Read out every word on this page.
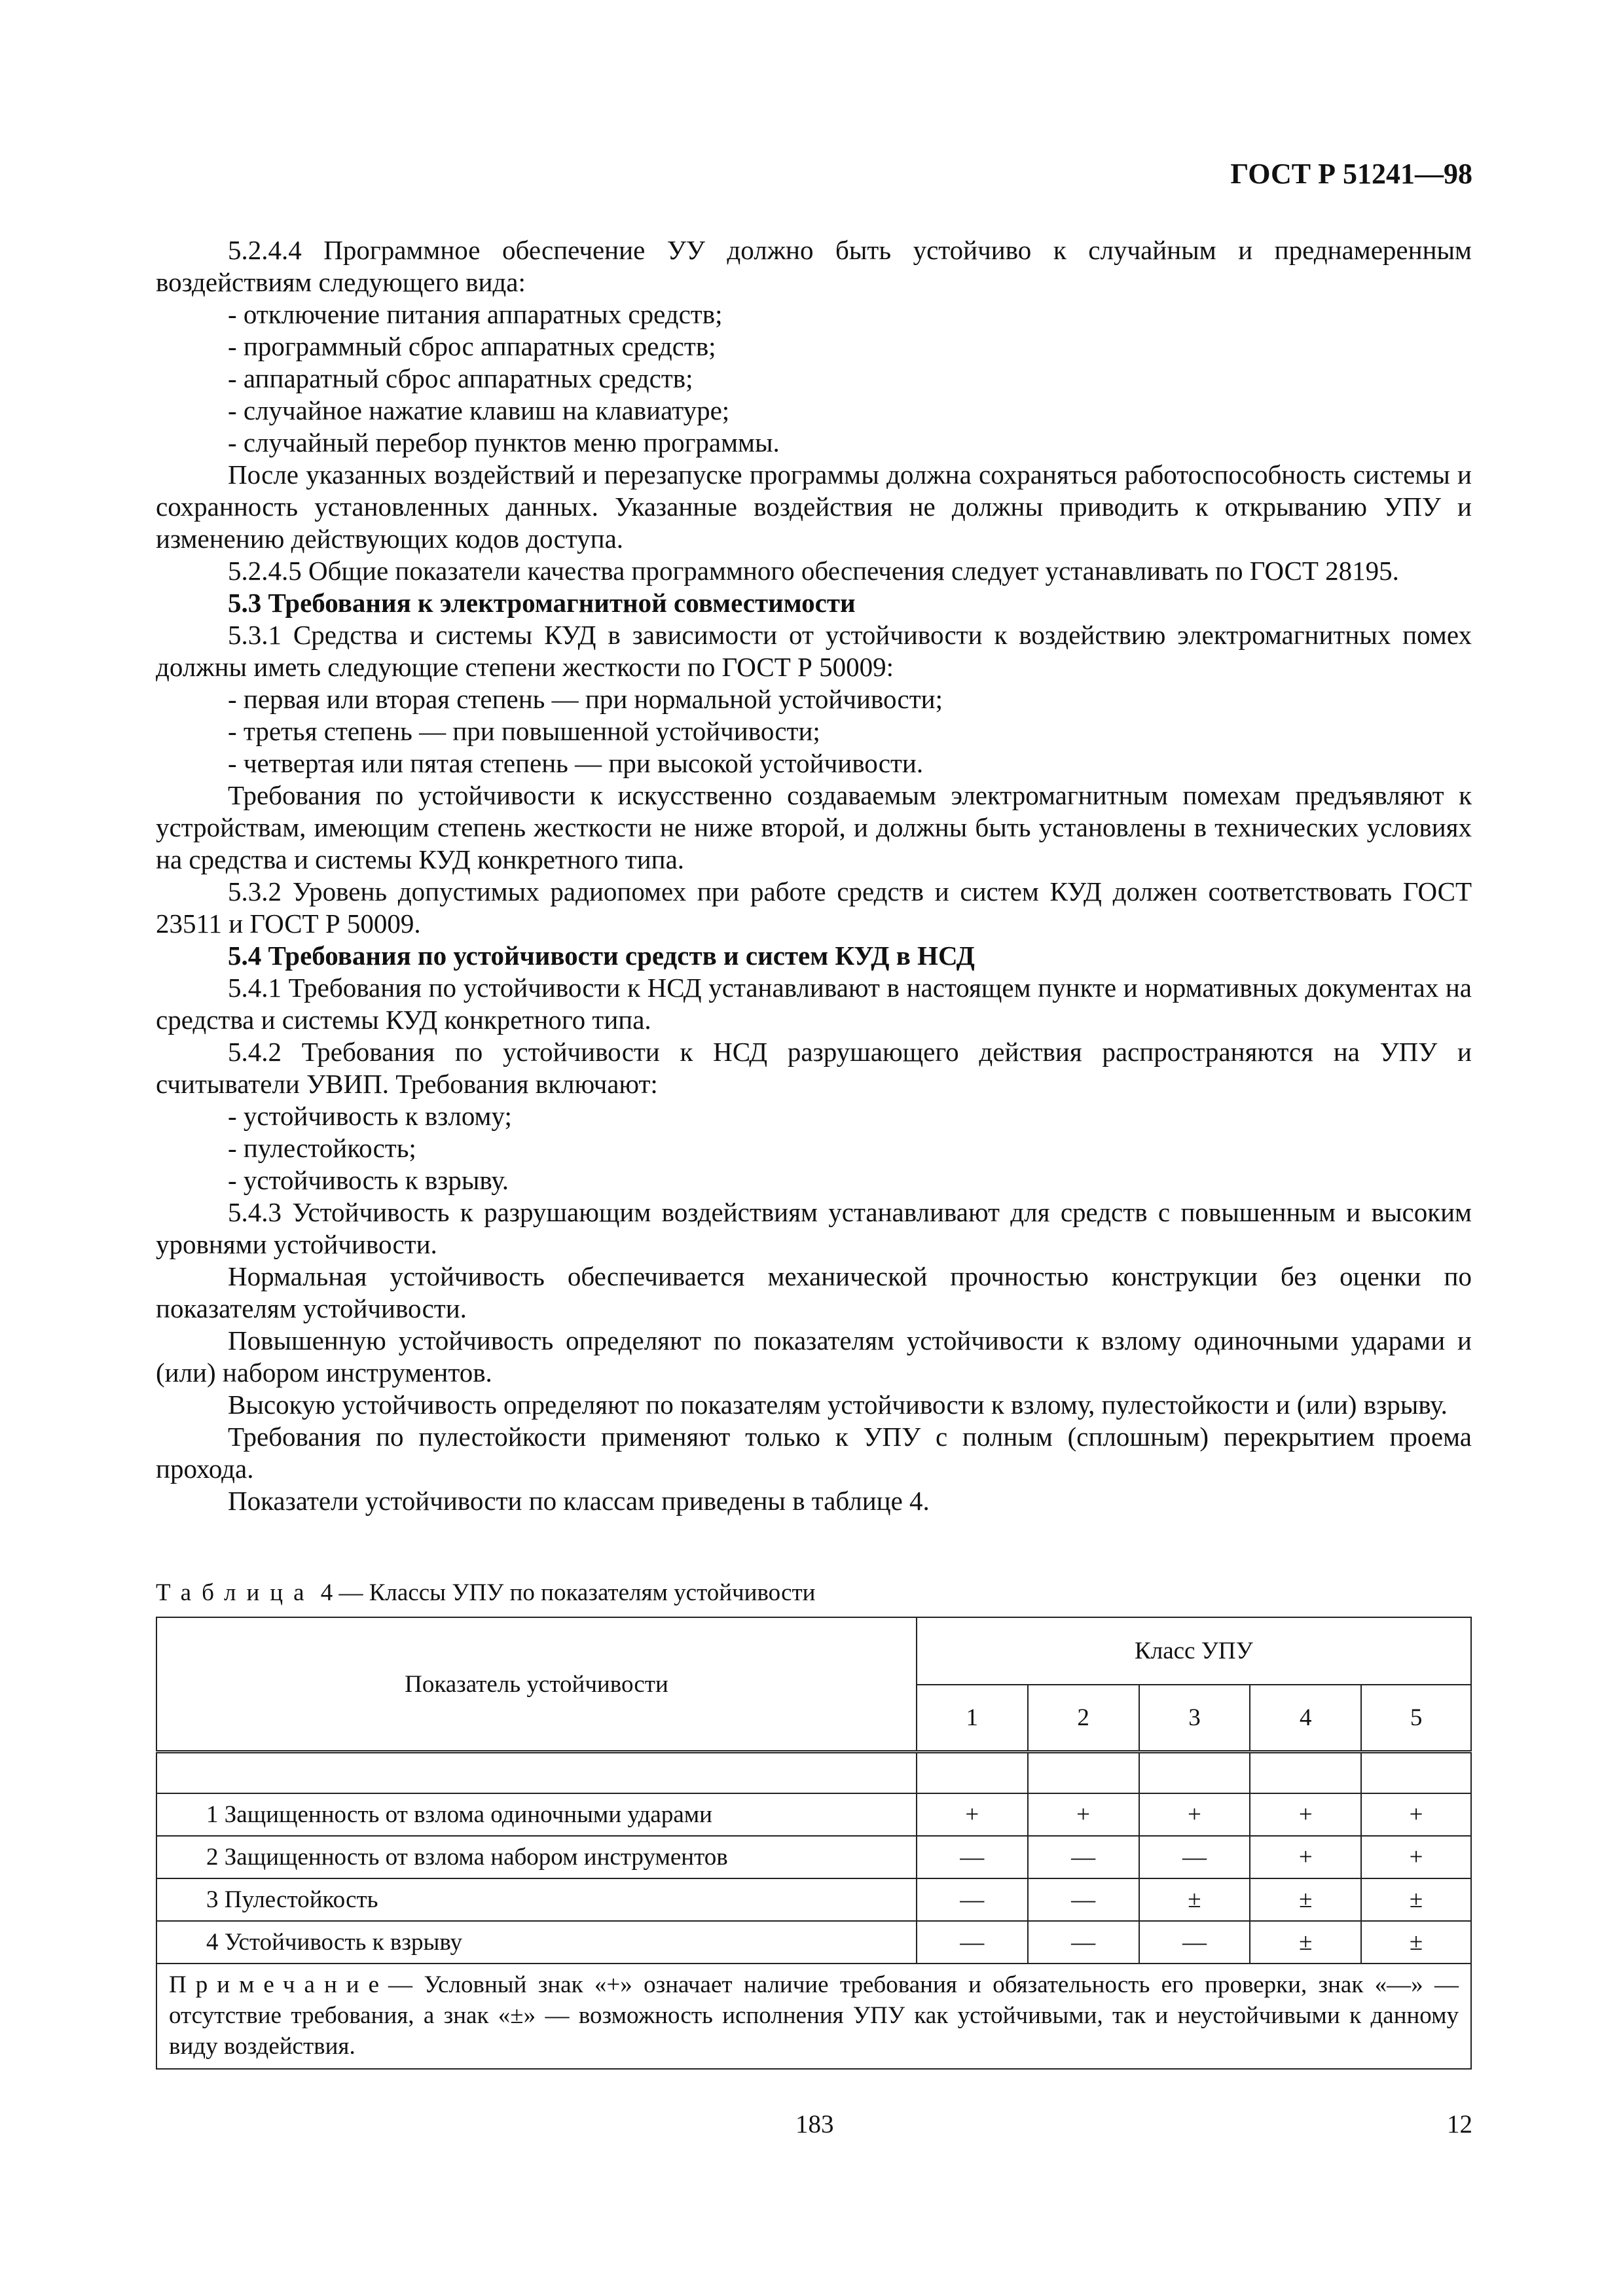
ГОСТ Р 51241—98
5.2.4.4 Программное обеспечение УУ должно быть устойчиво к случайным и преднамеренным воздействиям следующего вида:
- отключение питания аппаратных средств;
- программный сброс аппаратных средств;
- аппаратный сброс аппаратных средств;
- случайное нажатие клавиш на клавиатуре;
- случайный перебор пунктов меню программы.
После указанных воздействий и перезапуске программы должна сохраняться работоспособность системы и сохранность установленных данных. Указанные воздействия не должны приводить к открыванию УПУ и изменению действующих кодов доступа.
5.2.4.5 Общие показатели качества программного обеспечения следует устанавливать по ГОСТ 28195.
5.3 Требования к электромагнитной совместимости
5.3.1 Средства и системы КУД в зависимости от устойчивости к воздействию электромагнитных помех должны иметь следующие степени жесткости по ГОСТ Р 50009:
- первая или вторая степень — при нормальной устойчивости;
- третья степень — при повышенной устойчивости;
- четвертая или пятая степень — при высокой устойчивости.
Требования по устойчивости к искусственно создаваемым электромагнитным помехам предъявляют к устройствам, имеющим степень жесткости не ниже второй, и должны быть установлены в технических условиях на средства и системы КУД конкретного типа.
5.3.2 Уровень допустимых радиопомех при работе средств и систем КУД должен соответствовать ГОСТ 23511 и ГОСТ Р 50009.
5.4 Требования по устойчивости средств и систем КУД в НСД
5.4.1 Требования по устойчивости к НСД устанавливают в настоящем пункте и нормативных документах на средства и системы КУД конкретного типа.
5.4.2 Требования по устойчивости к НСД разрушающего действия распространяются на УПУ и считыватели УВИП. Требования включают:
- устойчивость к взлому;
- пулестойкость;
- устойчивость к взрыву.
5.4.3 Устойчивость к разрушающим воздействиям устанавливают для средств с повышенным и высоким уровнями устойчивости.
Нормальная устойчивость обеспечивается механической прочностью конструкции без оценки по показателям устойчивости.
Повышенную устойчивость определяют по показателям устойчивости к взлому одиночными ударами и (или) набором инструментов.
Высокую устойчивость определяют по показателям устойчивости к взлому, пулестойкости и (или) взрыву.
Требования по пулестойкости применяют только к УПУ с полным (сплошным) перекрытием проема прохода.
Показатели устойчивости по классам приведены в таблице 4.
Таблица 4 — Классы УПУ по показателям устойчивости
Показатель устойчивости	Класс УПУ				
	1	2	3	4	5

1 Защищенность от взлома одиночными ударами	+	+	+	+	+
2 Защищенность от взлома набором инструментов	—	—	—	+	+
3 Пулестойкость	—	—	±	±	±
4 Устойчивость к взрыву	—	—	—	±	±
Примечание— Условный знак «+» означает наличие требования и обязательность его проверки, знак «—» — отсутствие требования, а знак «±» — возможность исполнения УПУ как устойчивыми, так и неустойчивыми к данному виду воздействия.					
183	12
